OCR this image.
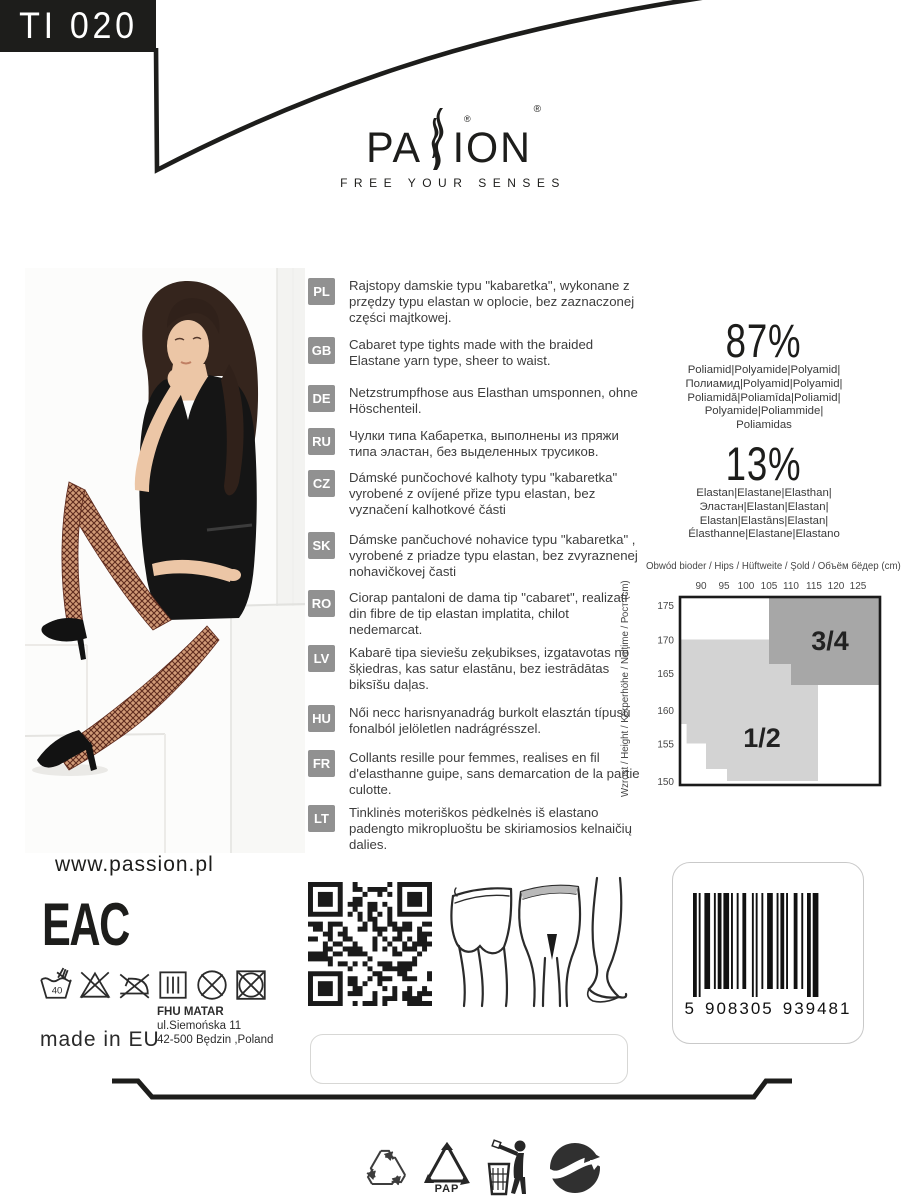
TI 020
PA ION
®
®
FREE YOUR SENSES
PL	Rajstopy damskie typu "kabaretka", wykonane z przędzy typu elastan w oplocie, bez zaznaczonej części majtkowej.
GB Cabaret type tights made with the braided Elastane yarn type, sheer to waist.
DE	Netzstrumpfhose aus Elasthan umsponnen, ohne Höschenteil.
RU	Чулки типа Кабаретка, выполнены из пряжи типа эластан, без выделенных трусиков.
CZ	Dámské punčochové kalhoty typu "kabaretka" vyrobené z ovíjené přize typu elastan, bez vyznačení kalhotkové části
SK	Dámske pančuchové nohavice typu "kabaretka" , vyrobené z priadze typu elastan, bez zvyraznenej nohavičkovej časti
RO Ciorap pantaloni de dama tip "cabaret", realizati din fibre de tip elastan implatita, chilot nedemarcat.
LV	Kabarē tipa sieviešu zeķubikses, izgatavotas no šķiedras, kas satur elastānu, bez iestrādātas biksīšu daļas.
HU	Női necc harisnyanadrág burkolt elasztán típusú fonalból jelöletlen nadrágrésszel.
FR	Collants resille pour femmes, realises en fil d'elasthanne guipe, sans demarcation de la partie culotte.
LT	Tinklinės moteriškos pėdkelnės iš elastano padengto mikropluoštu be skiriamosios kelnaičių dalies.
87%
Poliamid|Polyamide|Polyamid|
Полиамид|Polyamid|Polyamid|
Poliamidă|Poliamīda|Poliamid|
Polyamide|Poliammide|
Poliamidas
13%
Elastan|Elastane|Elasthan|
Эластан|Elastan|Elastan|
Elastan|Elastāns|Elastan|
Élasthanne|Elastane|Elastano
Obwód bioder / Hips / Hüftweite / Şold / Объём бёдер (cm)
Wzrost / Height / Körperhöhe / Nalţime / Рост (cm)	3/4
1/2
90 95 100 105 110 115 120 125
175
170
165
160
155
150
www.passion.pl
EAC
40
made in EU
FHU MATAR
ul.Siemońska 11
42-500 Będzin ,Poland
5 908305 939481
PAP
